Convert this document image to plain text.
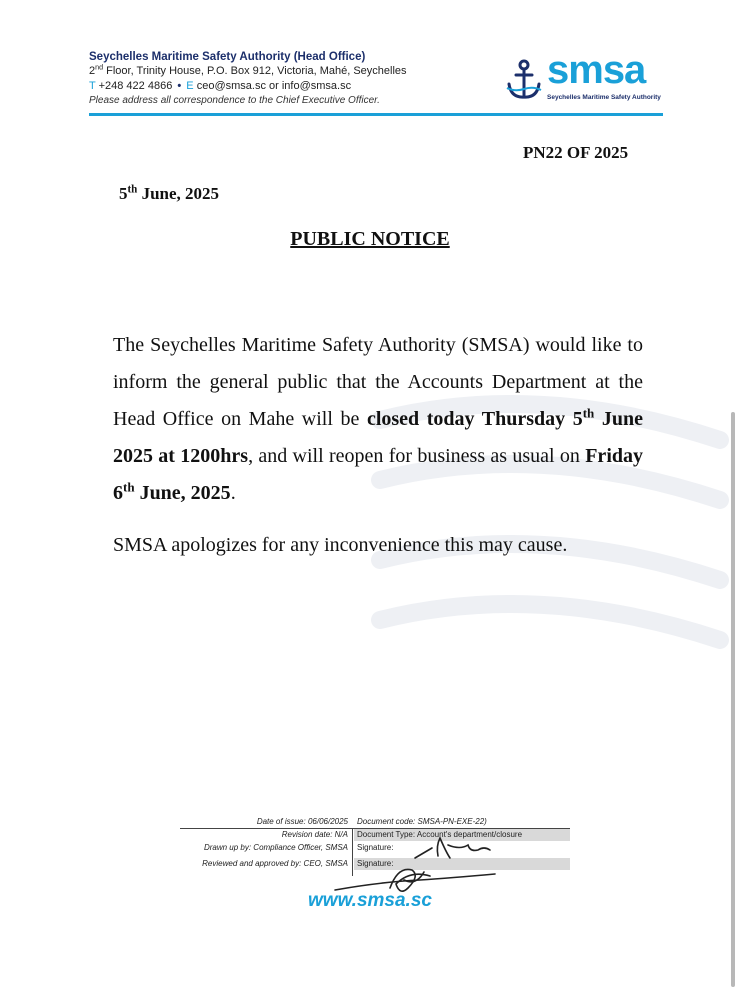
Seychelles Maritime Safety Authority (Head Office)
2nd Floor, Trinity House, P.O. Box 912, Victoria, Mahé, Seychelles
T +248 422 4866 • E ceo@smsa.sc or info@smsa.sc
Please address all correspondence to the Chief Executive Officer.
smsa
Seychelles Maritime Safety Authority
PN22 OF 2025
5th June, 2025
PUBLIC NOTICE
The Seychelles Maritime Safety Authority (SMSA) would like to inform the general public that the Accounts Department at the Head Office on Mahe will be closed today Thursday 5th June 2025 at 1200hrs, and will reopen for business as usual on Friday 6th June, 2025.
SMSA apologizes for any inconvenience this may cause.
Date of issue: 06/06/2025	Document code: SMSA-PN-EXE-22)
Revision date: N/A	Document Type: Account's department/closure
Drawn up by: Compliance Officer, SMSA	Signature:
Reviewed and approved by: CEO, SMSA	Signature:
www.smsa.sc
